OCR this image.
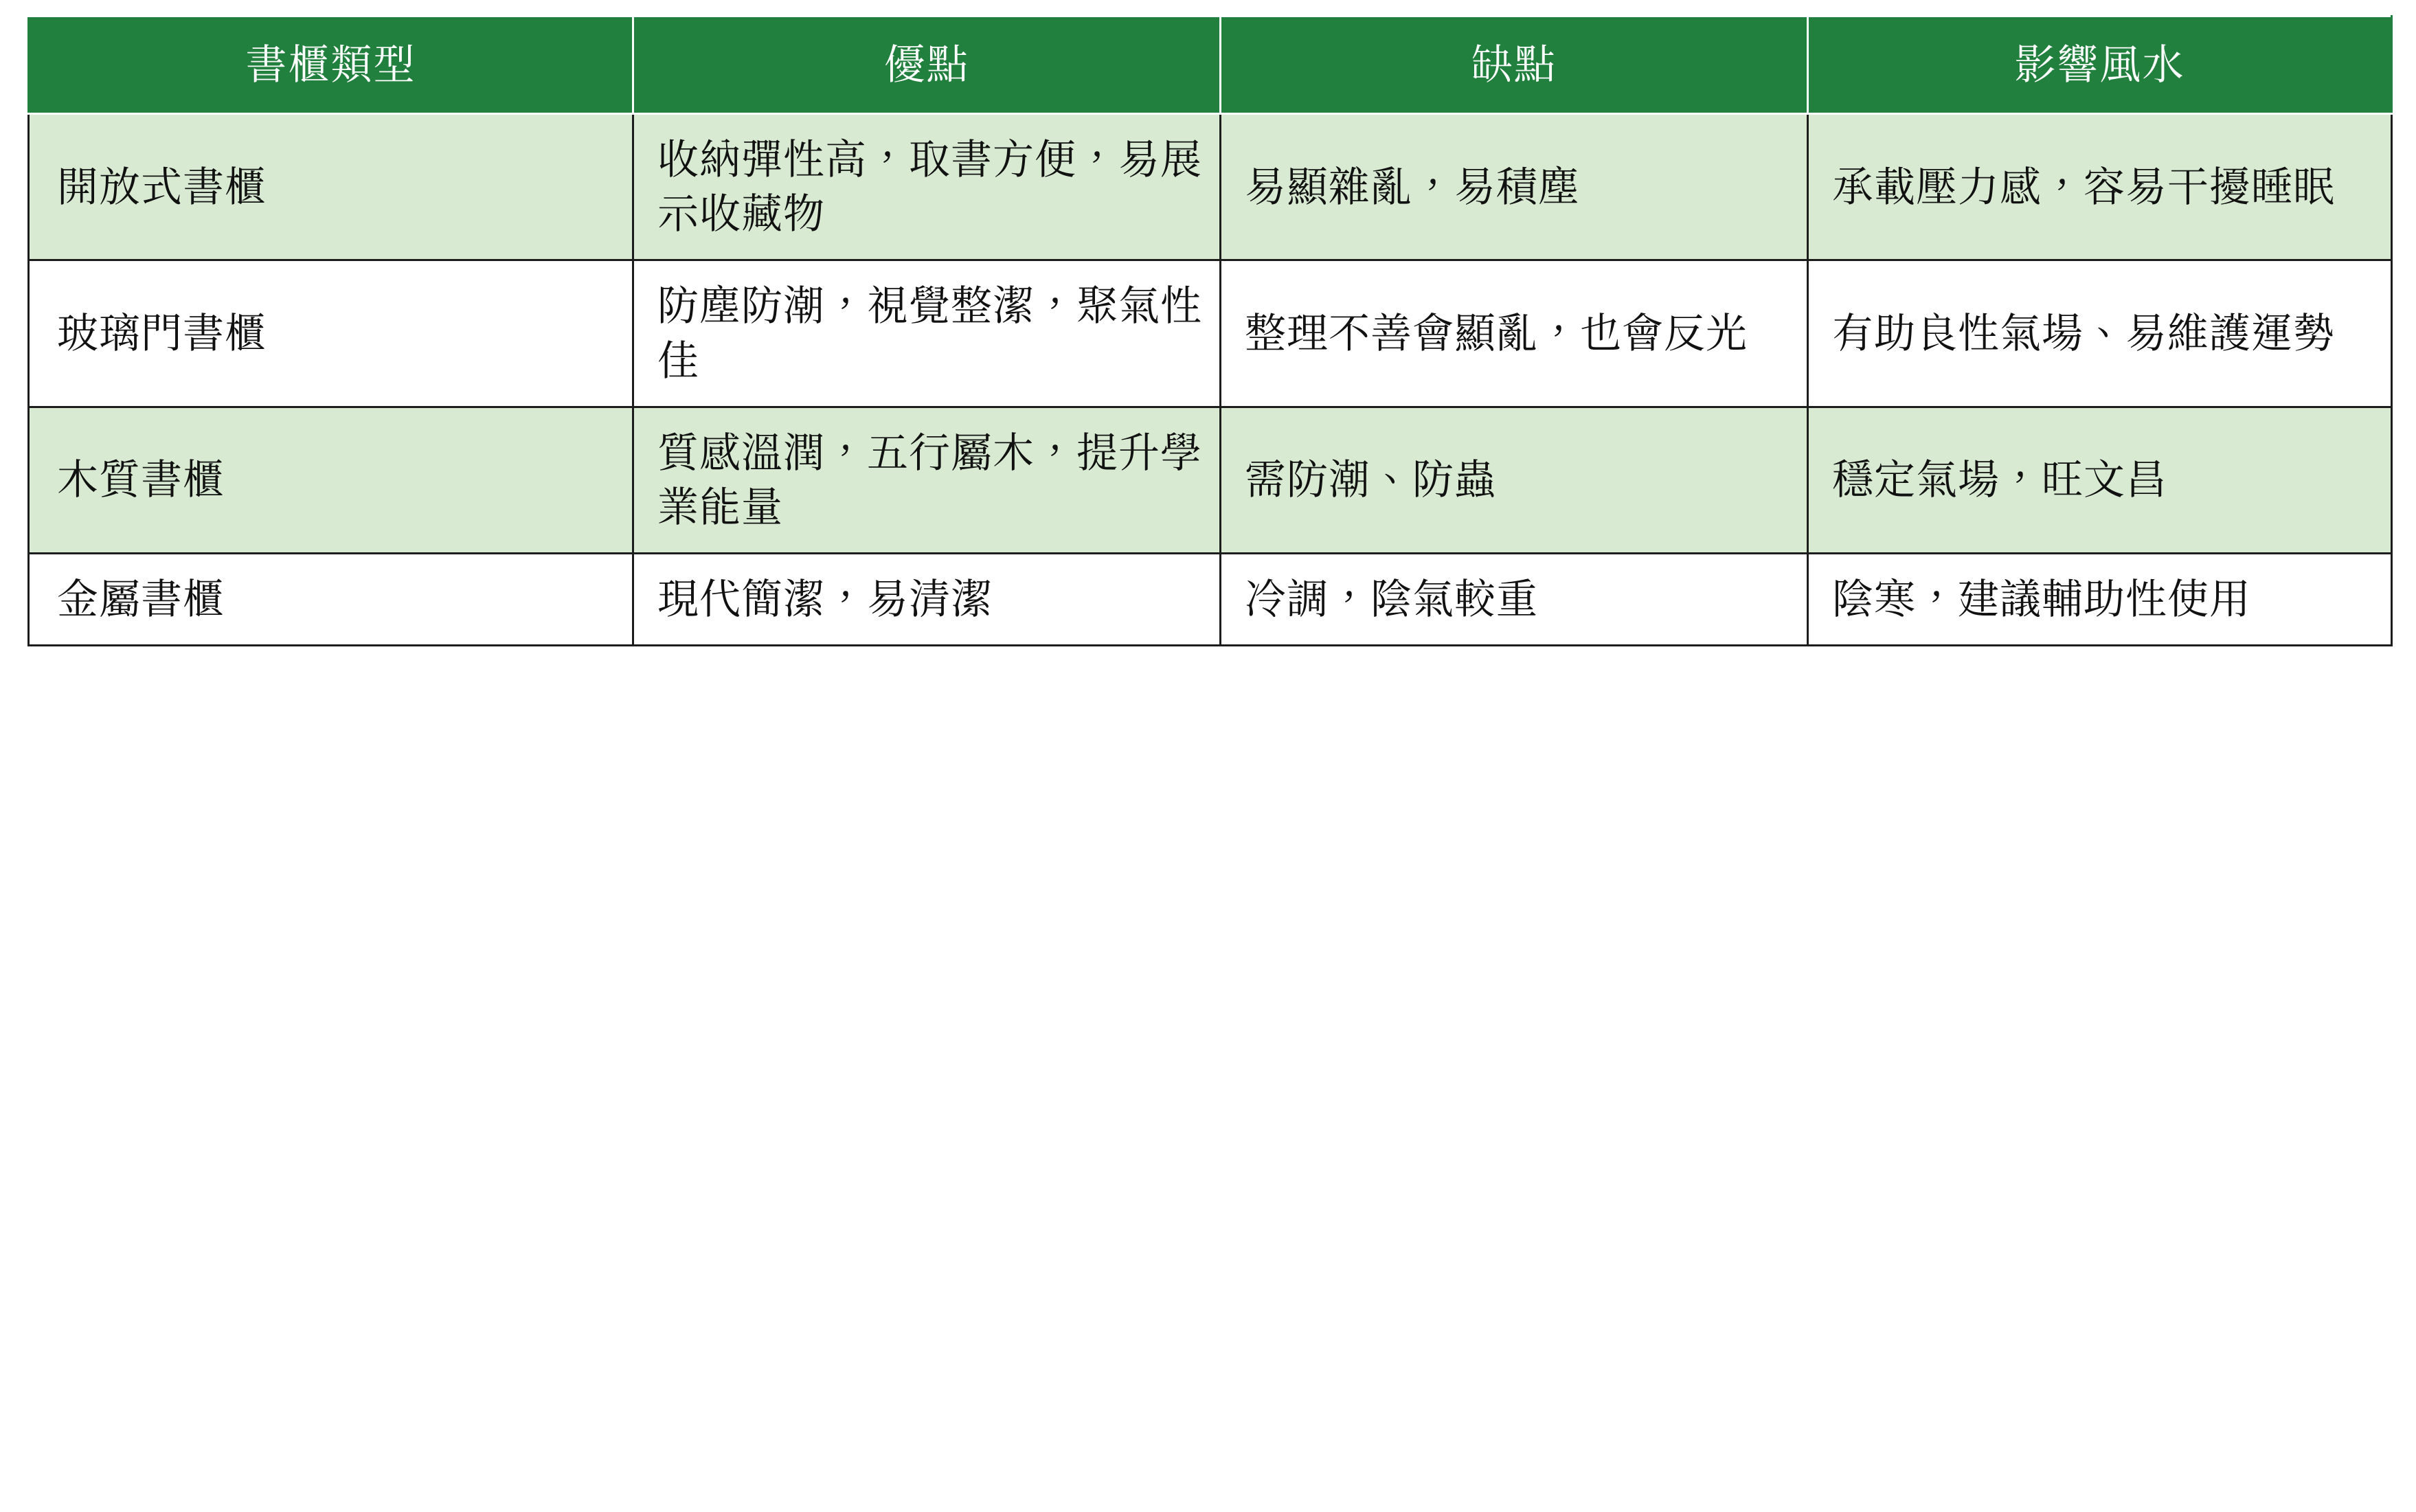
書櫃類型	優點	缺點	影響風水
開放式書櫃	收納彈性高，取書方便，易展示收藏物	易顯雜亂，易積塵	承載壓力感，容易干擾睡眠
玻璃門書櫃	防塵防潮，視覺整潔，聚氣性佳	整理不善會顯亂，也會反光	有助良性氣場、易維護運勢
木質書櫃	質感溫潤，五行屬木，提升學業能量	需防潮、防蟲	穩定氣場，旺文昌
金屬書櫃	現代簡潔，易清潔	冷調，陰氣較重	陰寒，建議輔助性使用
